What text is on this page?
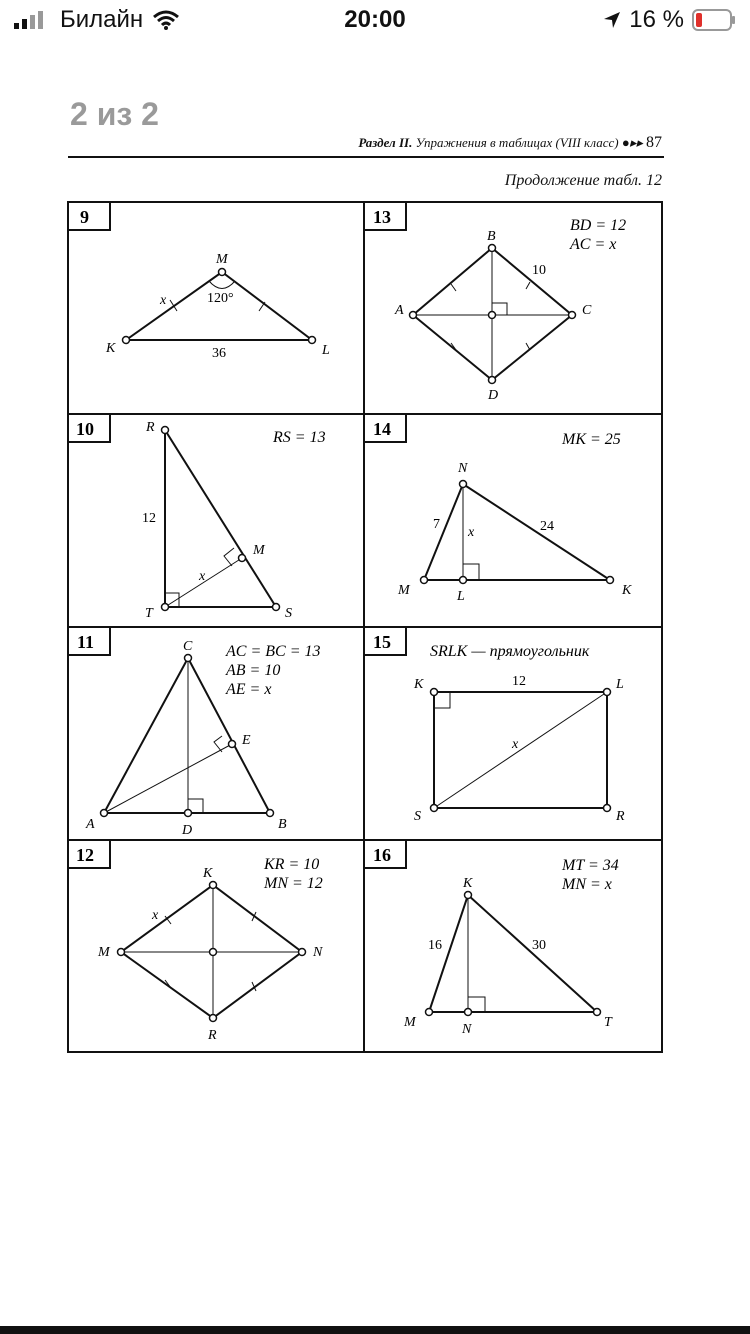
Билайн	20:00	16 %
2 из 2
Раздел II. Упражнения в таблицах (VIII класс) ●▸▸ 87
Продолжение табл. 12
9	13
10	14
11	15
12	16
M
K	L
120°
x
36
BD = 12
AC = x
B
A	C
D
10
RS = 13
R
T	S
M
12
x
MK = 25
N
M	L	K
7	24
x
AC = BC = 13
AB = 10
AE = x
C
A	B
D
E
SRLK — прямоугольник
K	L
S	R
12
x
KR = 10
MN = 12
K
M	N
R
x
MT = 34
MN = x
K
M	N	T
16	30
